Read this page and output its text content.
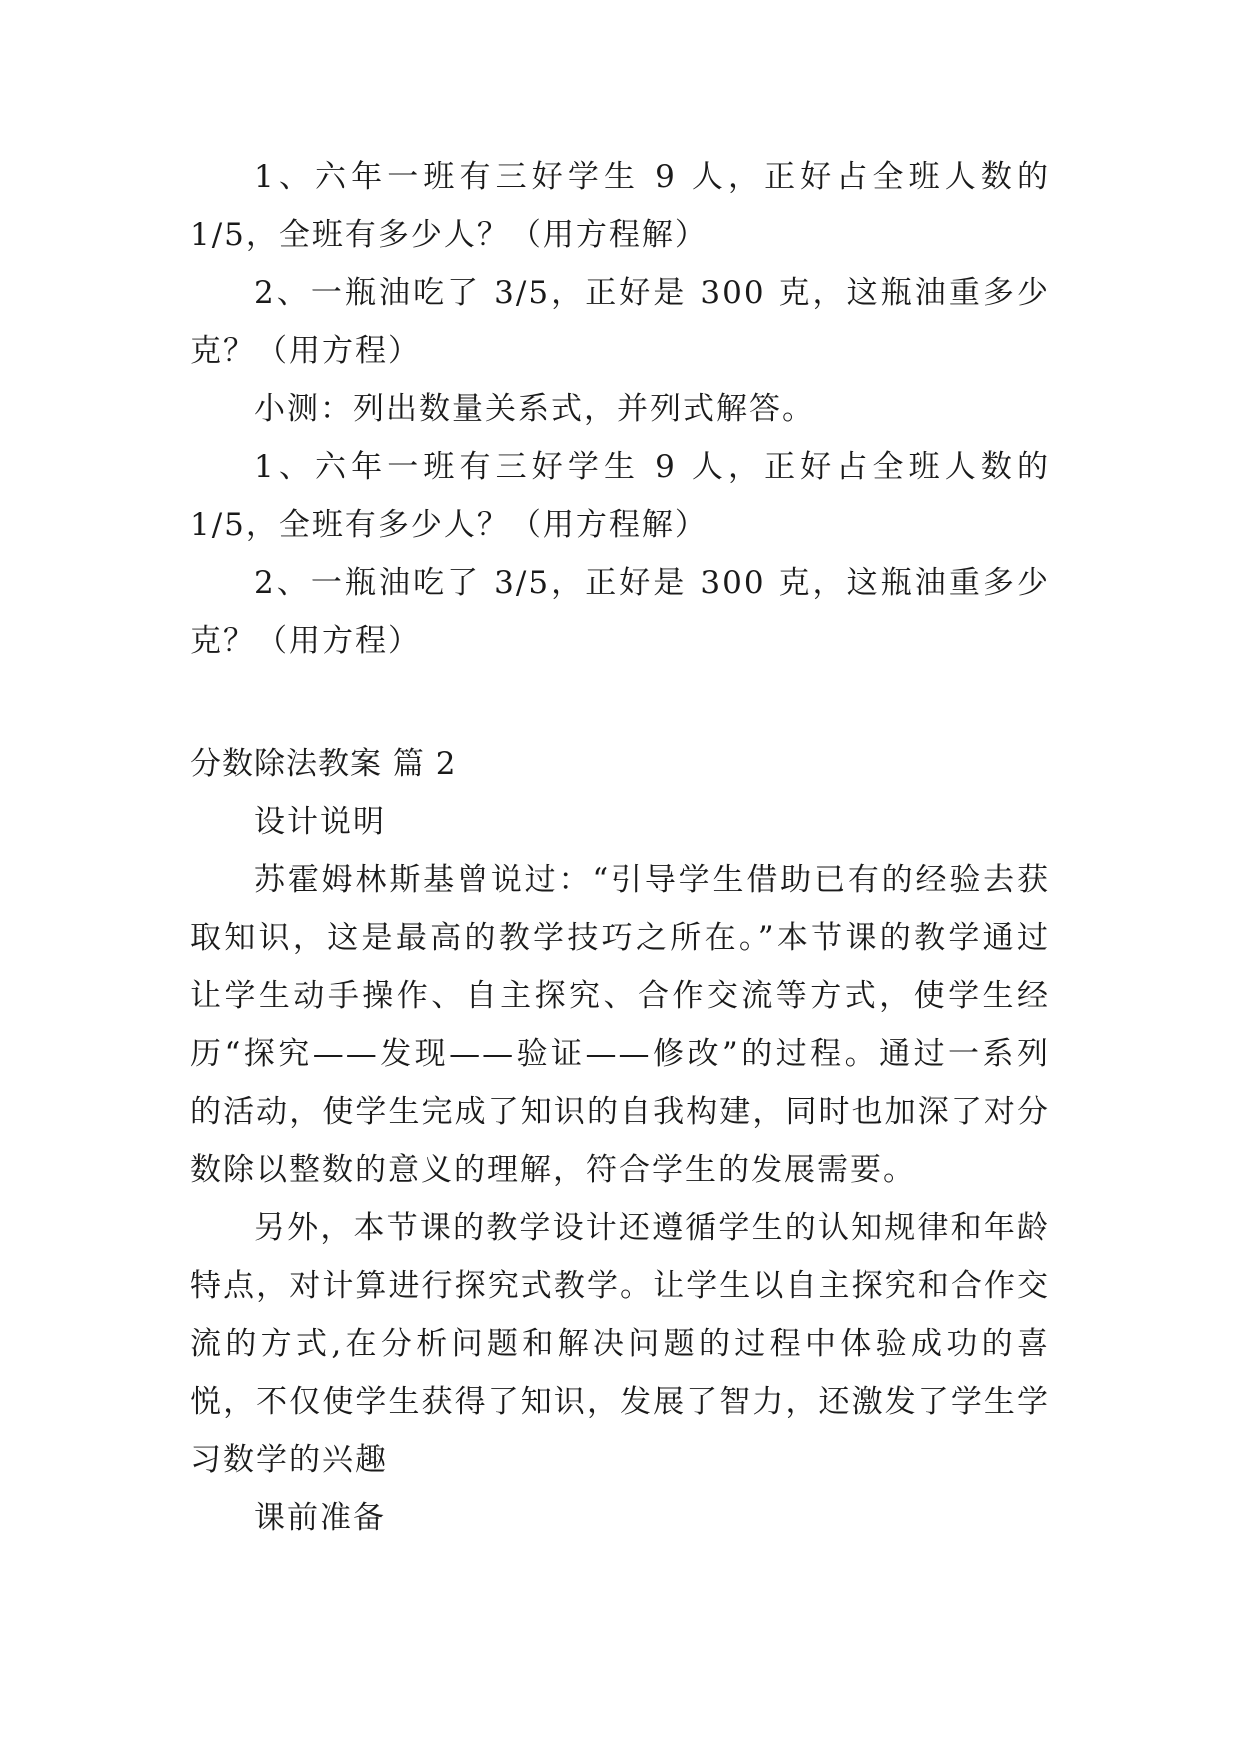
1、六年一班有三好学生 9 人，正好占全班人数的 1/5，全班有多少人？（用方程解）

2、一瓶油吃了 3/5，正好是 300 克，这瓶油重多少克？（用方程）

小测：列出数量关系式，并列式解答。

1、六年一班有三好学生 9 人，正好占全班人数的 1/5，全班有多少人？（用方程解）

2、一瓶油吃了 3/5，正好是 300 克，这瓶油重多少克？（用方程）

分数除法教案 篇 2

设计说明

苏霍姆林斯基曾说过：“引导学生借助已有的经验去获取知识，这是最高的教学技巧之所在。”本节课的教学通过让学生动手操作、自主探究、合作交流等方式，使学生经历“探究——发现——验证——修改”的过程。通过一系列的活动，使学生完成了知识的自我构建，同时也加深了对分数除以整数的意义的理解，符合学生的发展需要。

另外，本节课的教学设计还遵循学生的认知规律和年龄特点，对计算进行探究式教学。让学生以自主探究和合作交流的方式,在分析问题和解决问题的过程中体验成功的喜悦，不仅使学生获得了知识，发展了智力，还激发了学生学习数学的兴趣

课前准备
